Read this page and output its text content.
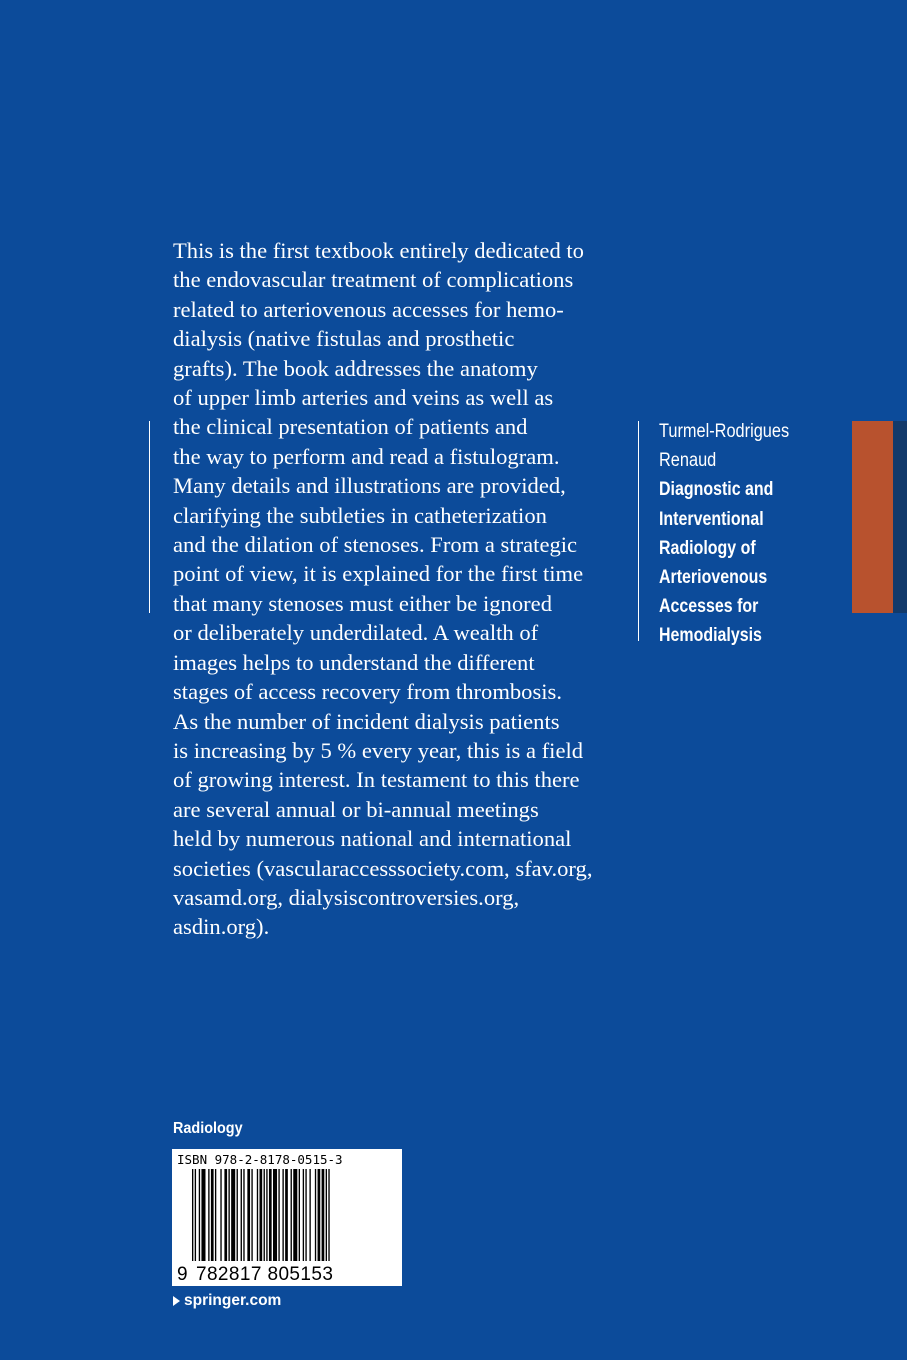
This is the first textbook entirely dedicated to

the endovascular treatment of complications

related to arteriovenous accesses for hemo-

dialysis (native fistulas and prosthetic

grafts). The book addresses the anatomy

of upper limb arteries and veins as well as

the clinical presentation of patients and

the way to perform and read a fistulogram.

Many details and illustrations are provided,

clarifying the subtleties in catheterization

and the dilation of stenoses. From a strategic

point of view, it is explained for the first time

that many stenoses must either be ignored

or deliberately underdilated. A wealth of

images helps to understand the different

stages of access recovery from thrombosis.

As the number of incident dialysis patients

is increasing by 5 % every year, this is a field

of growing interest. In testament to this there

are several annual or bi-annual meetings

held by numerous national and international

societies (vascularaccesssociety.com, sfav.org,

vasamd.org, dialysiscontroversies.org,

asdin.org).

Turmel-Rodrigues
Renaud
Diagnostic and
Interventional
Radiology of
Arteriovenous
Accesses for
Hemodialysis
Radiology
ISBN 978-2-8178-0515-3
9 782817 805153
springer.com
